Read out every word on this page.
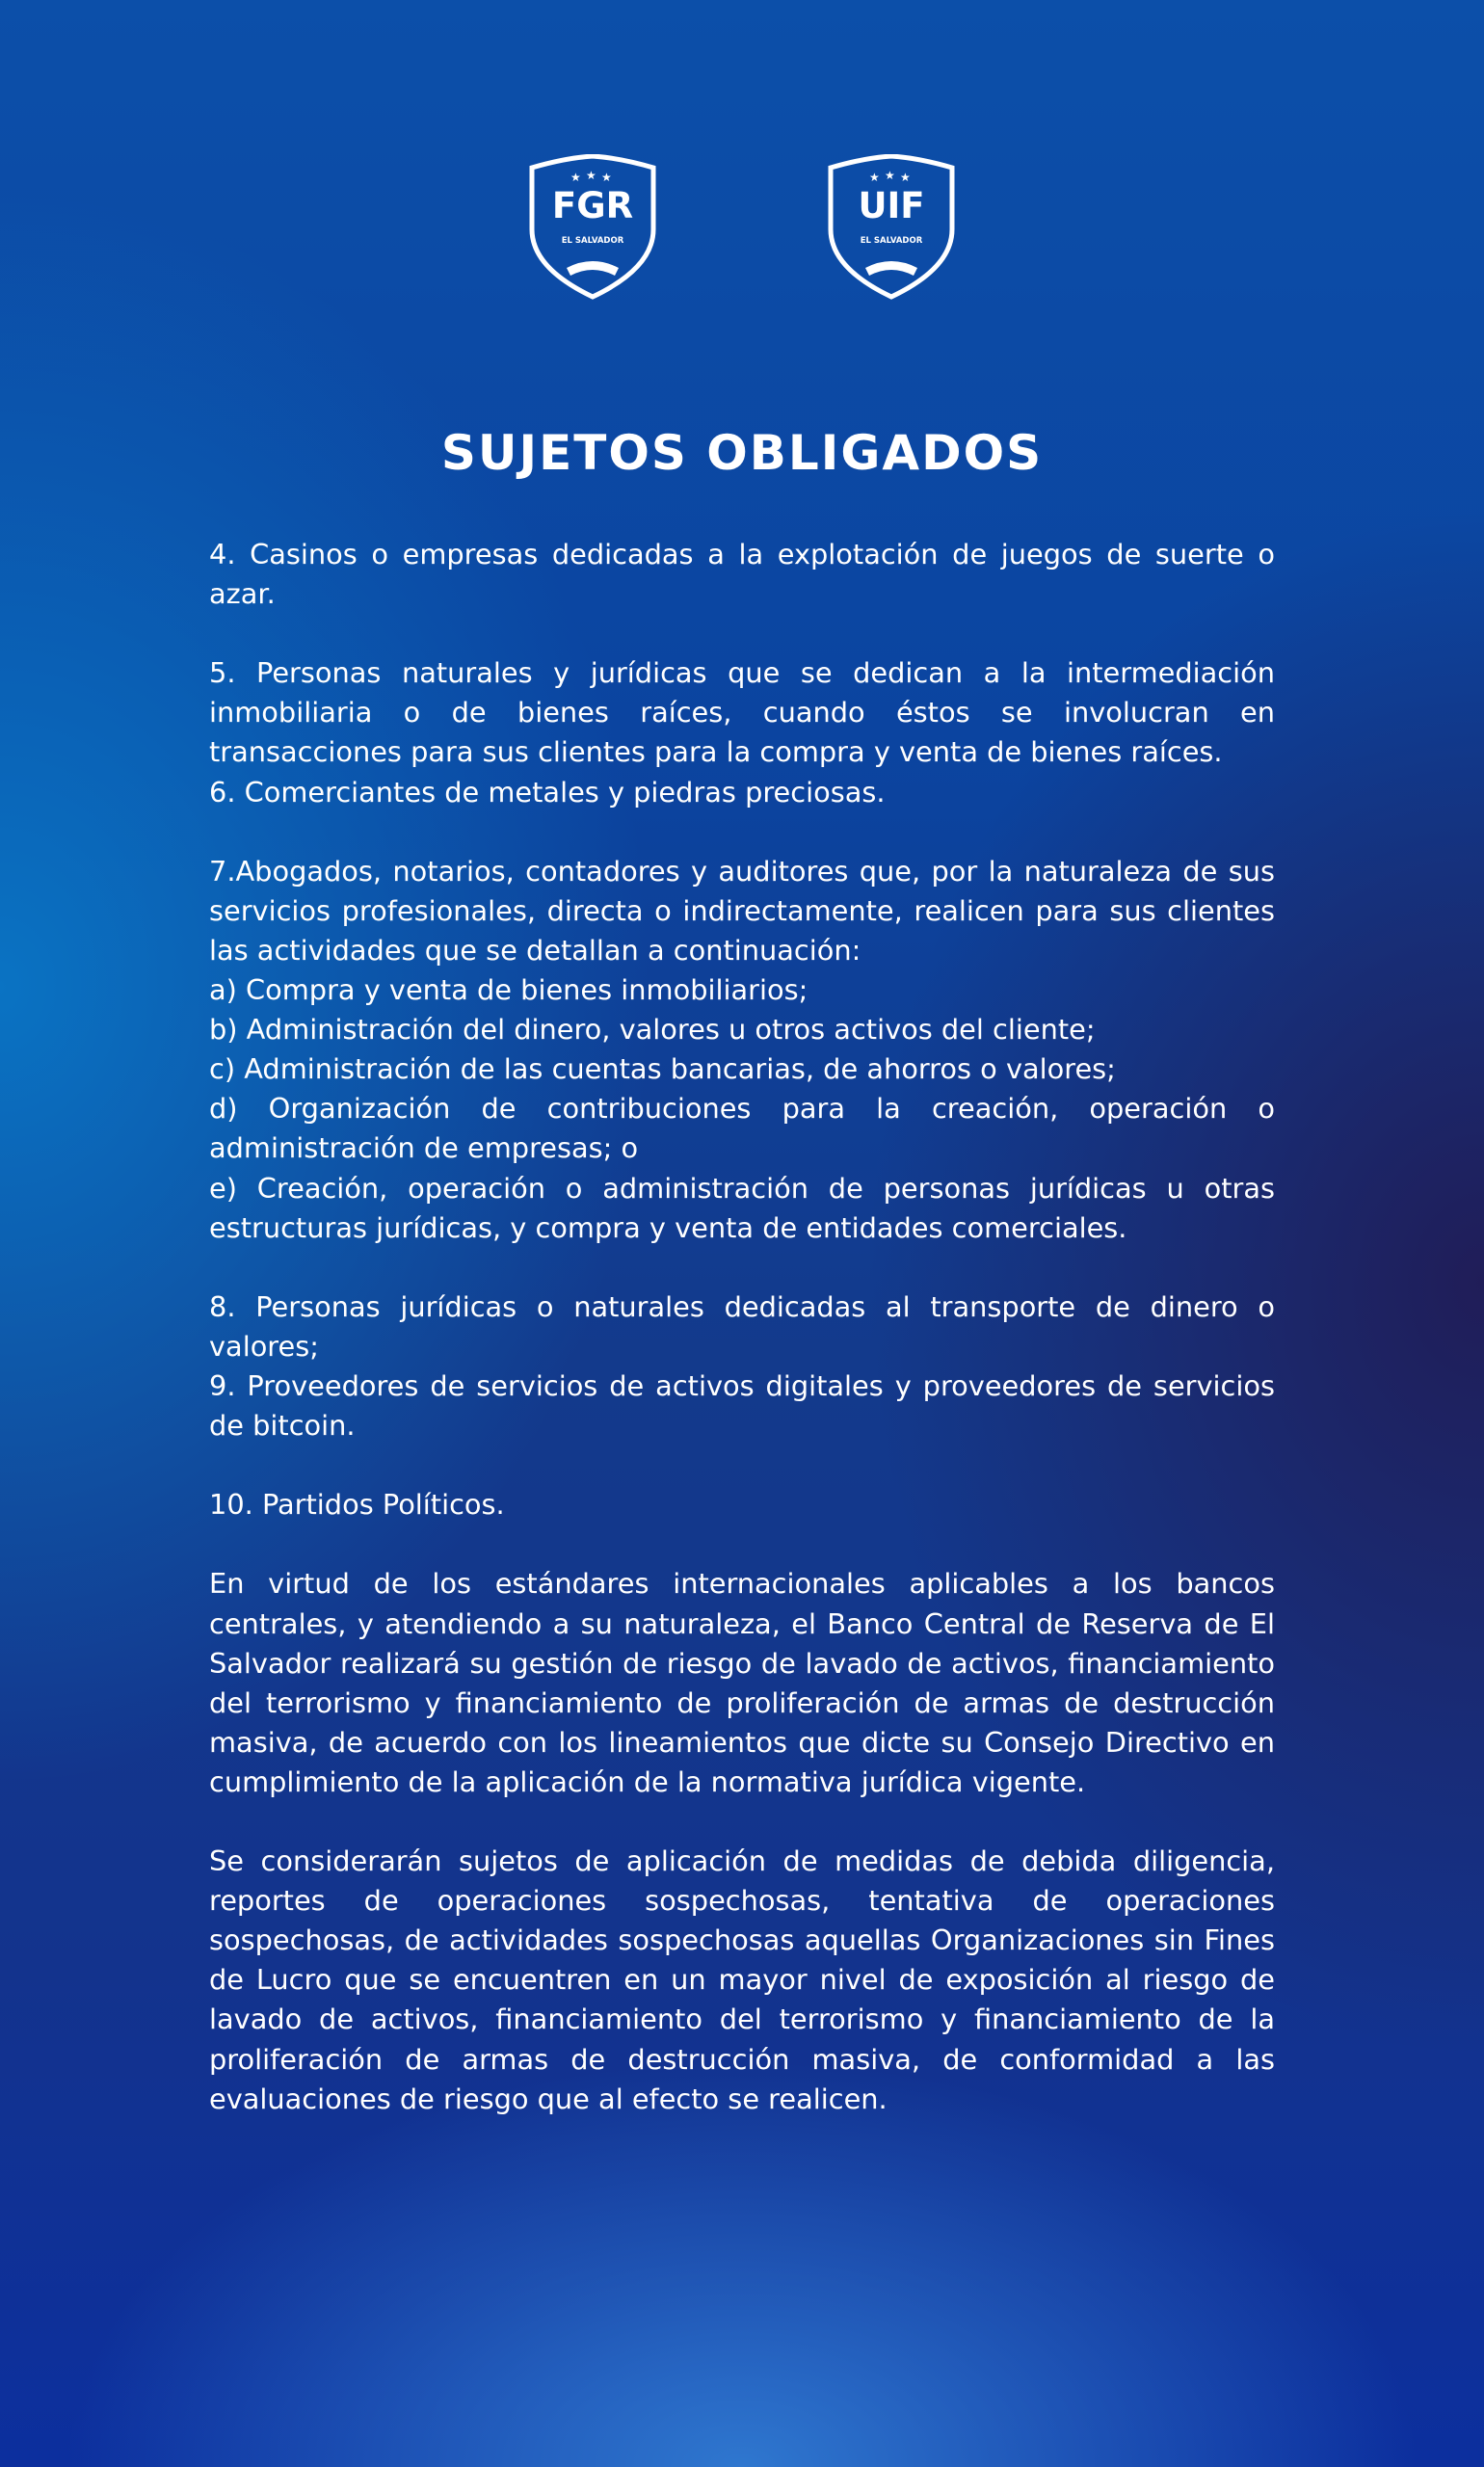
★ ★ ★
FGR
EL SALVADOR
★ ★ ★
UIF
EL SALVADOR
SUJETOS OBLIGADOS

4. Casinos o empresas dedicadas a la explotación de juegos de suerte o azar.

5. Personas naturales y jurídicas que se dedican a la intermediación inmobiliaria o de bienes raíces, cuando éstos se involucran en transacciones para sus clientes para la compra y venta de bienes raíces.

6. Comerciantes de metales y piedras preciosas.

7.Abogados, notarios, contadores y auditores que, por la naturaleza de sus servicios profesionales, directa o indirectamente, realicen para sus clientes las actividades que se detallan a continuación:

a) Compra y venta de bienes inmobiliarios;

b) Administración del dinero, valores u otros activos del cliente;

c) Administración de las cuentas bancarias, de ahorros o valores;

d) Organización de contribuciones para la creación, operación o administración de empresas; o

e) Creación, operación o administración de personas jurídicas u otras estructuras jurídicas, y compra y venta de entidades comerciales.

8. Personas jurídicas o naturales dedicadas al transporte de dinero o valores;

9. Proveedores de servicios de activos digitales y proveedores de servicios de bitcoin.

10. Partidos Políticos.

En virtud de los estándares internacionales aplicables a los bancos centrales, y atendiendo a su naturaleza, el Banco Central de Reserva de El Salvador realizará su gestión de riesgo de lavado de activos, financiamiento del terrorismo y financiamiento de proliferación de armas de destrucción masiva, de acuerdo con los lineamientos que dicte su Consejo Directivo en cumplimiento de la aplicación de la normativa jurídica vigente.

Se considerarán sujetos de aplicación de medidas de debida diligencia, reportes de operaciones sospechosas, tentativa de operaciones sospechosas, de actividades sospechosas aquellas Organizaciones sin Fines de Lucro que se encuentren en un mayor nivel de exposición al riesgo de lavado de activos, financiamiento del terrorismo y financiamiento de la proliferación de armas de destrucción masiva, de conformidad a las evaluaciones de riesgo que al efecto se realicen.
